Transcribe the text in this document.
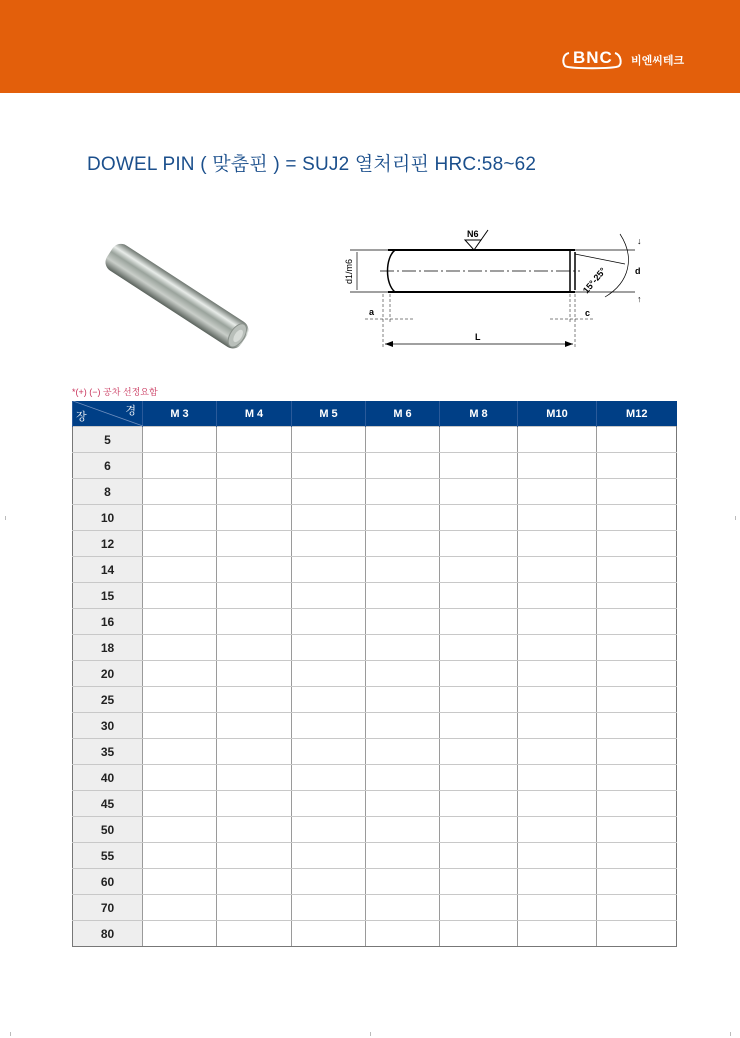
BNC 비엔씨테크
DOWEL PIN ( 맞춤핀 ) = SUJ2 열처리핀 HRC:58~62
d1/m6
N6
15°-25°	d
↓
↑
a	c
L
*(+) (−) 공차 선정요함
장 경	M 3	M 4	M 5	M 6	M 8	M10	M12
5							
6							
8							
10							
12							
14							
15							
16							
18							
20							
25							
30							
35							
40							
45							
50							
55							
60							
70							
80							
